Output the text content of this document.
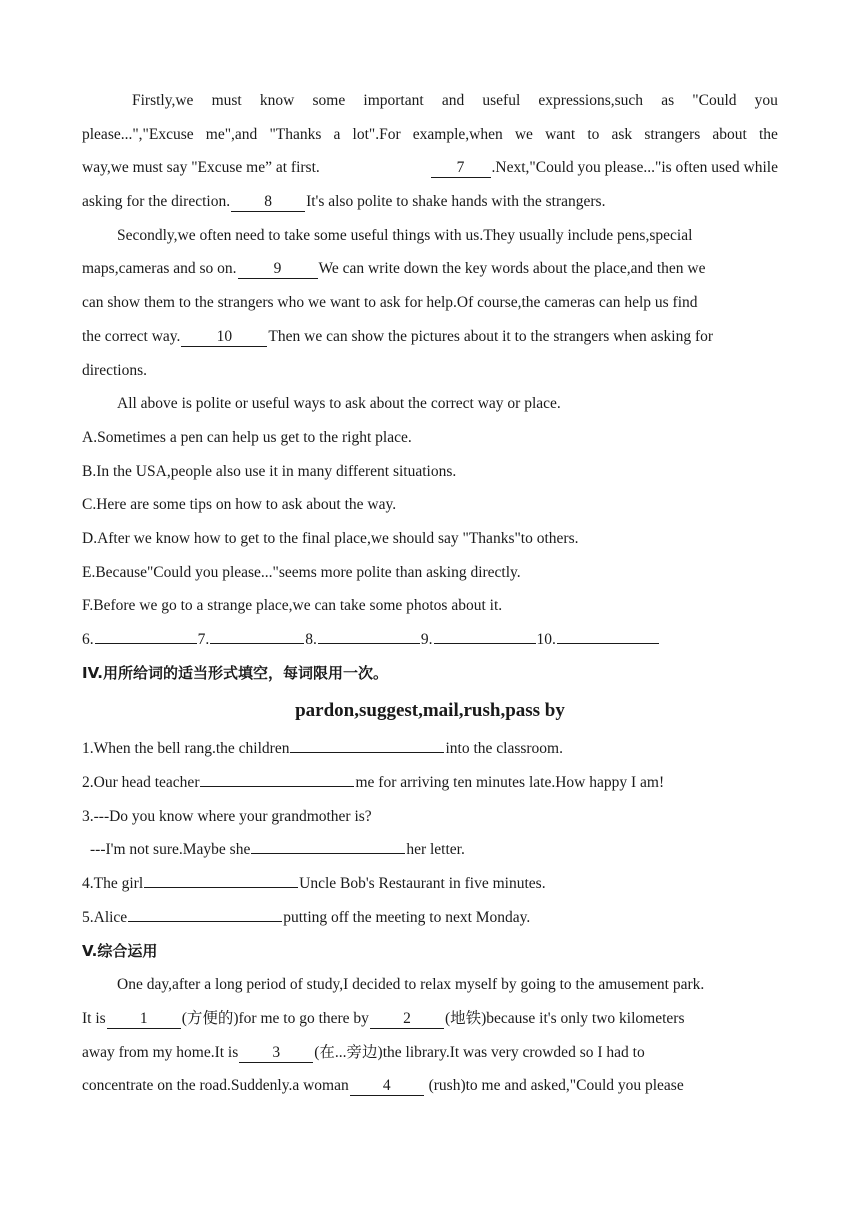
Firstly,we must know some important and useful expressions,such as "Could you
please...","Excuse me",and "Thanks a lot".For example,when we want to ask strangers about the
way,we must say "Excuse me” at first.	7 .Next,"Could you please..."is often used while
asking for the direction. 8 It's also polite to shake hands with the strangers.
Secondly,we often need to take some useful things with us.They usually include pens,special
maps,cameras and so on. 9 We can write down the key words about the place,and then we
can show them to the strangers who we want to ask for help.Of course,the cameras can help us find
the correct way. 10 Then we can show the pictures about it to the strangers when asking for
directions.
All above is polite or useful ways to ask about the correct way or place.
A.Sometimes a pen can help us get to the right place.
B.In the USA,people also use it in many different situations.
C.Here are some tips on how to ask about the way.
D.After we know how to get to the final place,we should say "Thanks"to others.
E.Because"Could you please..."seems more polite than asking directly.
F.Before we go to a strange place,we can take some photos about it.
6.	7.	8.	9.	10.
IV.用所给词的适当形式填空，每词限用一次。
pardon,suggest,mail,rush,pass by
1.When the bell rang.the children	into the classroom.
2.Our head teacher	me for arriving ten minutes late.How happy I am!
3.---Do you know where your grandmother is?
---I'm not sure.Maybe she	her letter.
4.The girl	Uncle Bob's Restaurant in five minutes.
5.Alice	putting off the meeting to next Monday.
V.综合运用
One day,after a long period of study,I decided to relax myself by going to the amusement park.
It is 1 (方便的)for me to go there by 2 (地铁)because it's only two kilometers
away from my home.It is 3 (在...旁边)the library.It was very crowded so I had to
concentrate on the road.Suddenly.a woman 4 (rush)to me and asked,"Could you please
